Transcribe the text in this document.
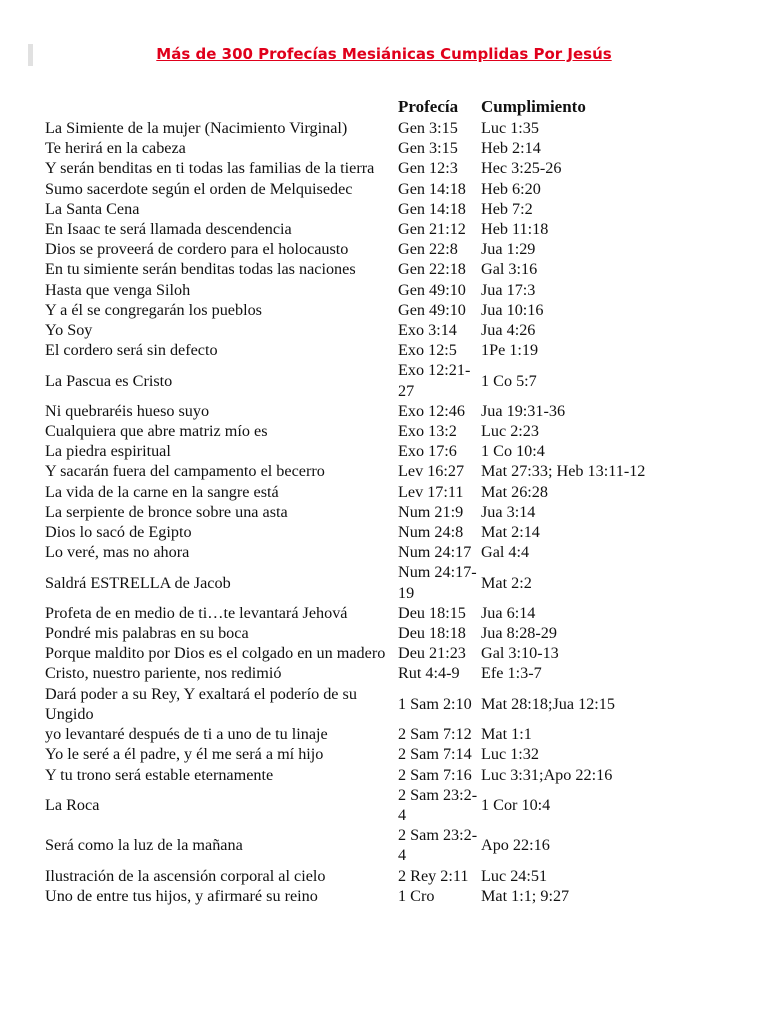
Más de 300 Profecías Mesiánicas Cumplidas Por Jesús
	Profecía	Cumplimiento
La Simiente de la mujer (Nacimiento Virginal)	Gen 3:15	Luc 1:35
Te herirá en la cabeza	Gen 3:15	Heb 2:14
Y serán benditas en ti todas las familias de la tierra	Gen 12:3	Hec 3:25-26
Sumo sacerdote según el orden de Melquisedec	Gen 14:18	Heb 6:20
La Santa Cena	Gen 14:18	Heb 7:2
En Isaac te será llamada descendencia	Gen 21:12	Heb 11:18
Dios se proveerá de cordero para el holocausto	Gen 22:8	Jua 1:29
En tu simiente serán benditas todas las naciones	Gen 22:18	Gal 3:16
Hasta que venga Siloh	Gen 49:10	Jua 17:3
Y a él se congregarán los pueblos	Gen 49:10	Jua 10:16
Yo Soy	Exo 3:14	Jua 4:26
El cordero será sin defecto	Exo 12:5	1Pe 1:19
La Pascua es Cristo	Exo 12:21-27	1 Co 5:7
Ni quebraréis hueso suyo	Exo 12:46	Jua 19:31-36
Cualquiera que abre matriz mío es	Exo 13:2	Luc 2:23
La piedra espiritual	Exo 17:6	1 Co 10:4
Y sacarán fuera del campamento el becerro	Lev 16:27	Mat 27:33; Heb 13:11-12
La vida de la carne en la sangre está	Lev 17:11	Mat 26:28
La serpiente de bronce sobre una asta	Num 21:9	Jua 3:14
Dios lo sacó de Egipto	Num 24:8	Mat 2:14
Lo veré, mas no ahora	Num 24:17	Gal 4:4
Saldrá ESTRELLA de Jacob	Num 24:17-19	Mat 2:2
Profeta de en medio de ti…te levantará Jehová	Deu 18:15	Jua 6:14
Pondré mis palabras en su boca	Deu 18:18	Jua 8:28-29
Porque maldito por Dios es el colgado en un madero	Deu 21:23	Gal 3:10-13
Cristo, nuestro pariente, nos redimió	Rut 4:4-9	Efe 1:3-7
Dará poder a su Rey, Y exaltará el poderío de su Ungido	1 Sam 2:10	Mat 28:18;Jua 12:15
yo levantaré después de ti a uno de tu linaje	2 Sam 7:12	Mat 1:1
Yo le seré a él padre, y él me será a mí hijo	2 Sam 7:14	Luc 1:32
Y tu trono será estable eternamente	2 Sam 7:16	Luc 3:31;Apo 22:16
La Roca	2 Sam 23:2-4	1 Cor 10:4
Será como la luz de la mañana	2 Sam 23:2-4	Apo 22:16
Ilustración de la ascensión corporal al cielo	2 Rey 2:11	Luc 24:51
Uno de entre tus hijos, y afirmaré su reino	1 Cro	Mat 1:1; 9:27
